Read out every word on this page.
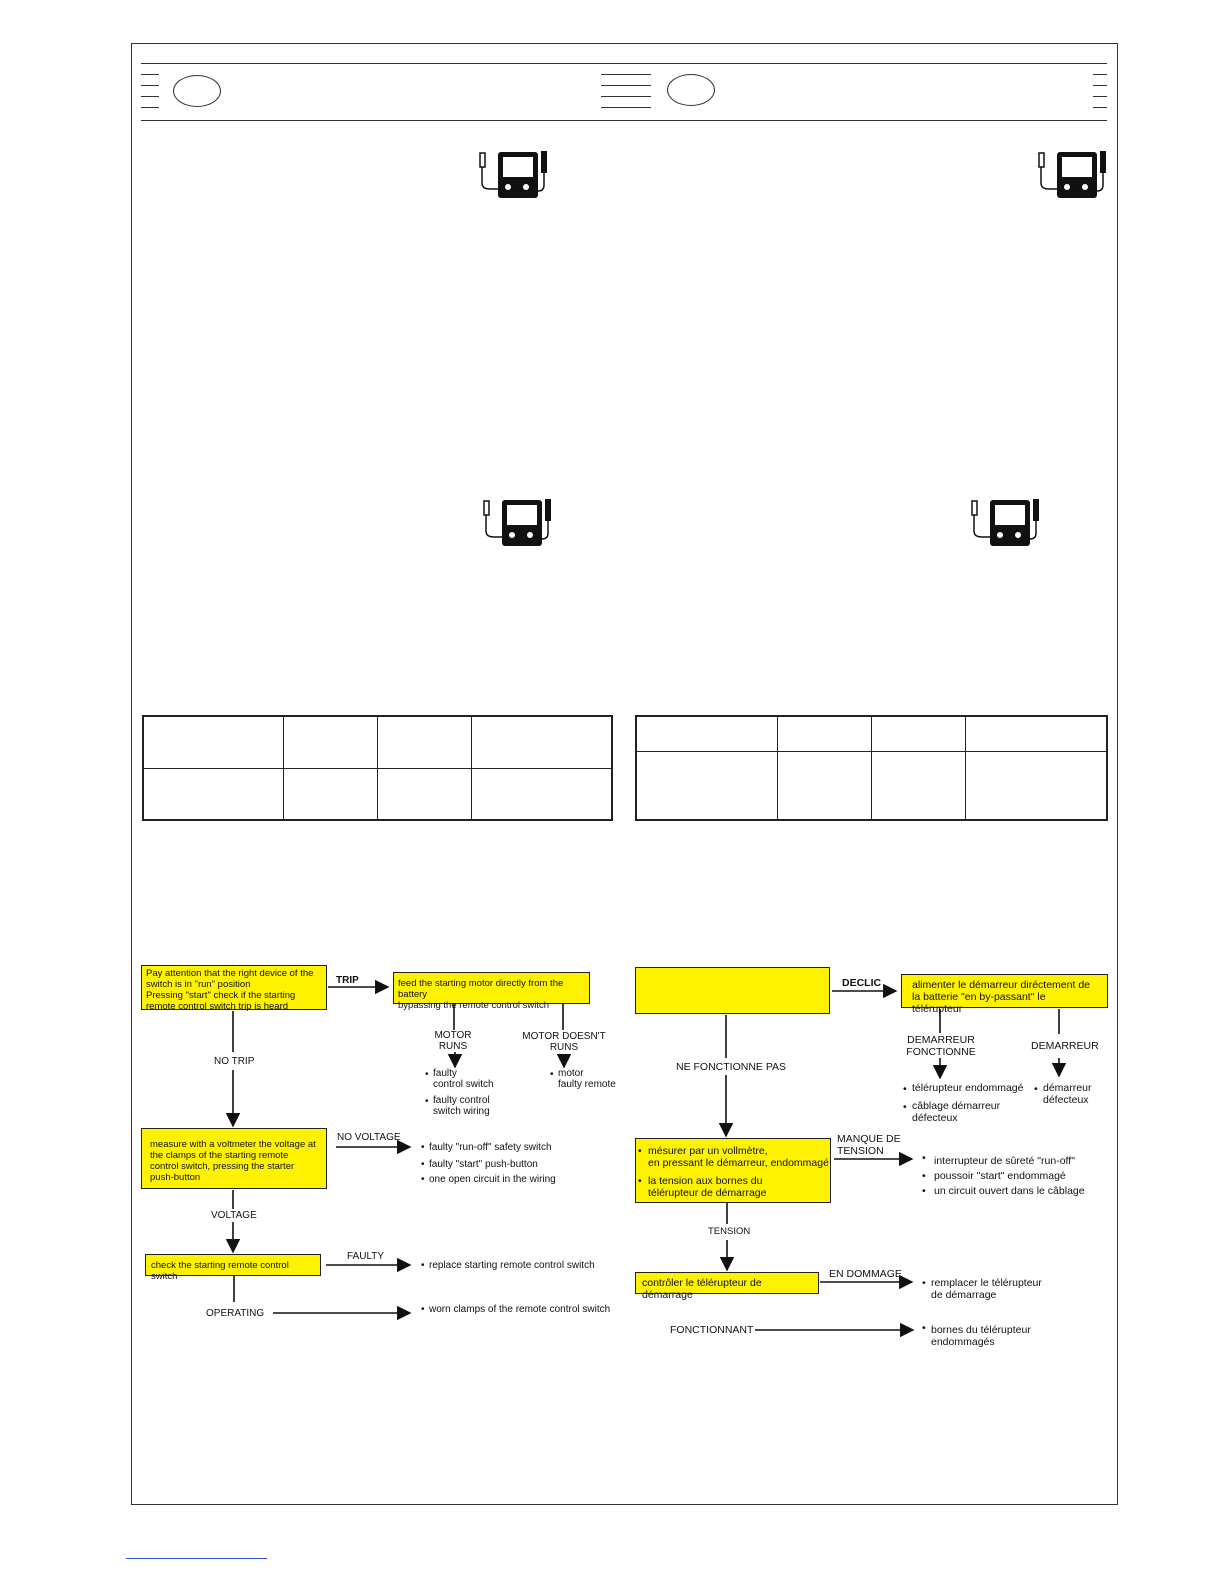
Pay attention that the right device of the switch is in "run" position
Pressing "start" check if the starting remote control switch trip is heard
TRIP	feed the starting motor directly from the battery
bypassing the remote control switch
MOTOR
RUNS
• faulty
control switch
• faulty control
switch wiring
MOTOR DOESN'T
RUNS
• motor
faulty remote
NO TRIP
measure with a voltmeter the voltage at the clamps of the starting remote control switch, pressing the starter push-button
NO VOLTAGE
• faulty "run-off" safety switch
• faulty "start" push-button
• one open circuit in the wiring
VOLTAGE
check the starting remote control switch
FAULTY
• replace starting remote control switch
OPERATING	• worn clamps of the remote control switch
DECLIC	alimenter le démarreur diréctement de la batterie "en by-passant" le télérupteur
DEMARREUR
FONCTIONNE
• télérupteur endommagé
• câblage démarreur
défecteux
DEMARREUR
• démarreur
défecteux
NE FONCTIONNE PAS
• mésurer par un vollmètre,
en pressant le démarreur, endommagé
• la tension aux bornes du
télérupteur de démarrage
MANQUE DE
TENSION
• interrupteur de sûreté "run-off"
• poussoir "start" endommagé
• un circuit ouvert dans le câblage
TENSION
contrôler le télérupteur de démarrage
EN DOMMAGE
• remplacer le télérupteur
de démarrage
FONCTIONNANT	• bornes du télérupteur
endommagés
